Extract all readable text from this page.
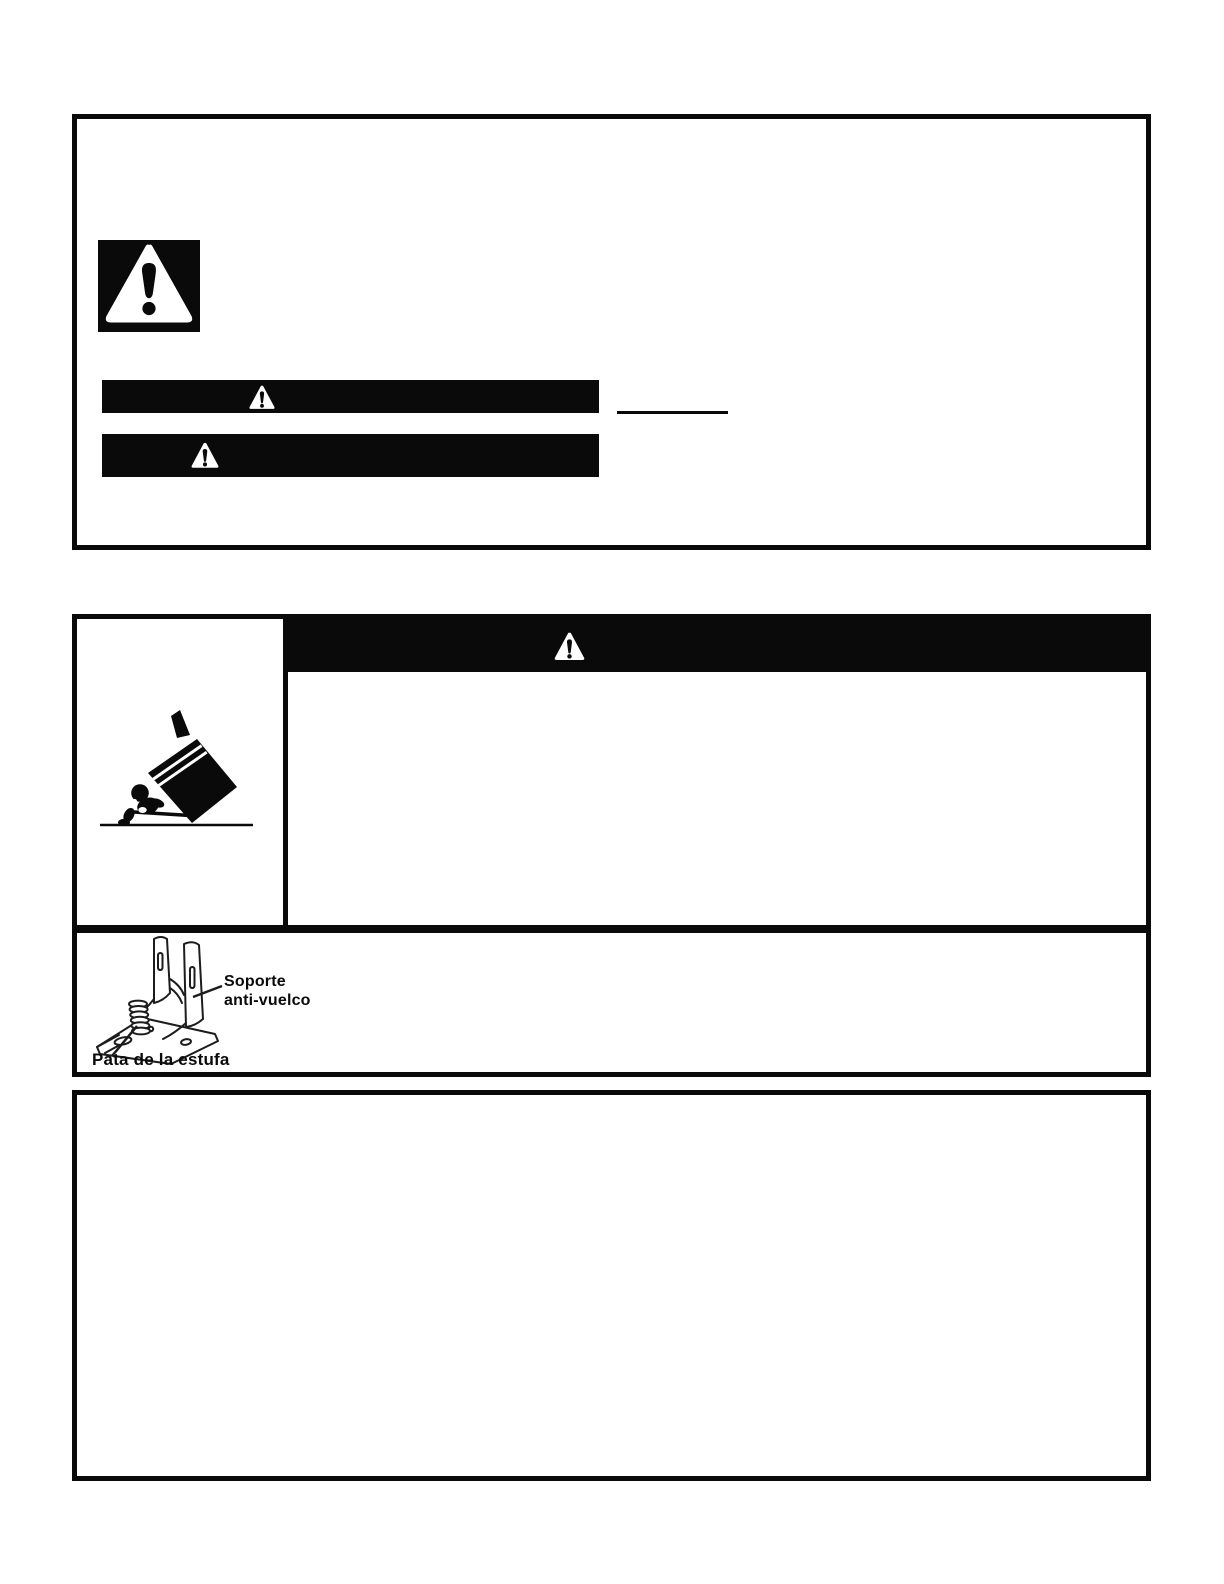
Soporte
anti-vuelco
Pata de la estufa
